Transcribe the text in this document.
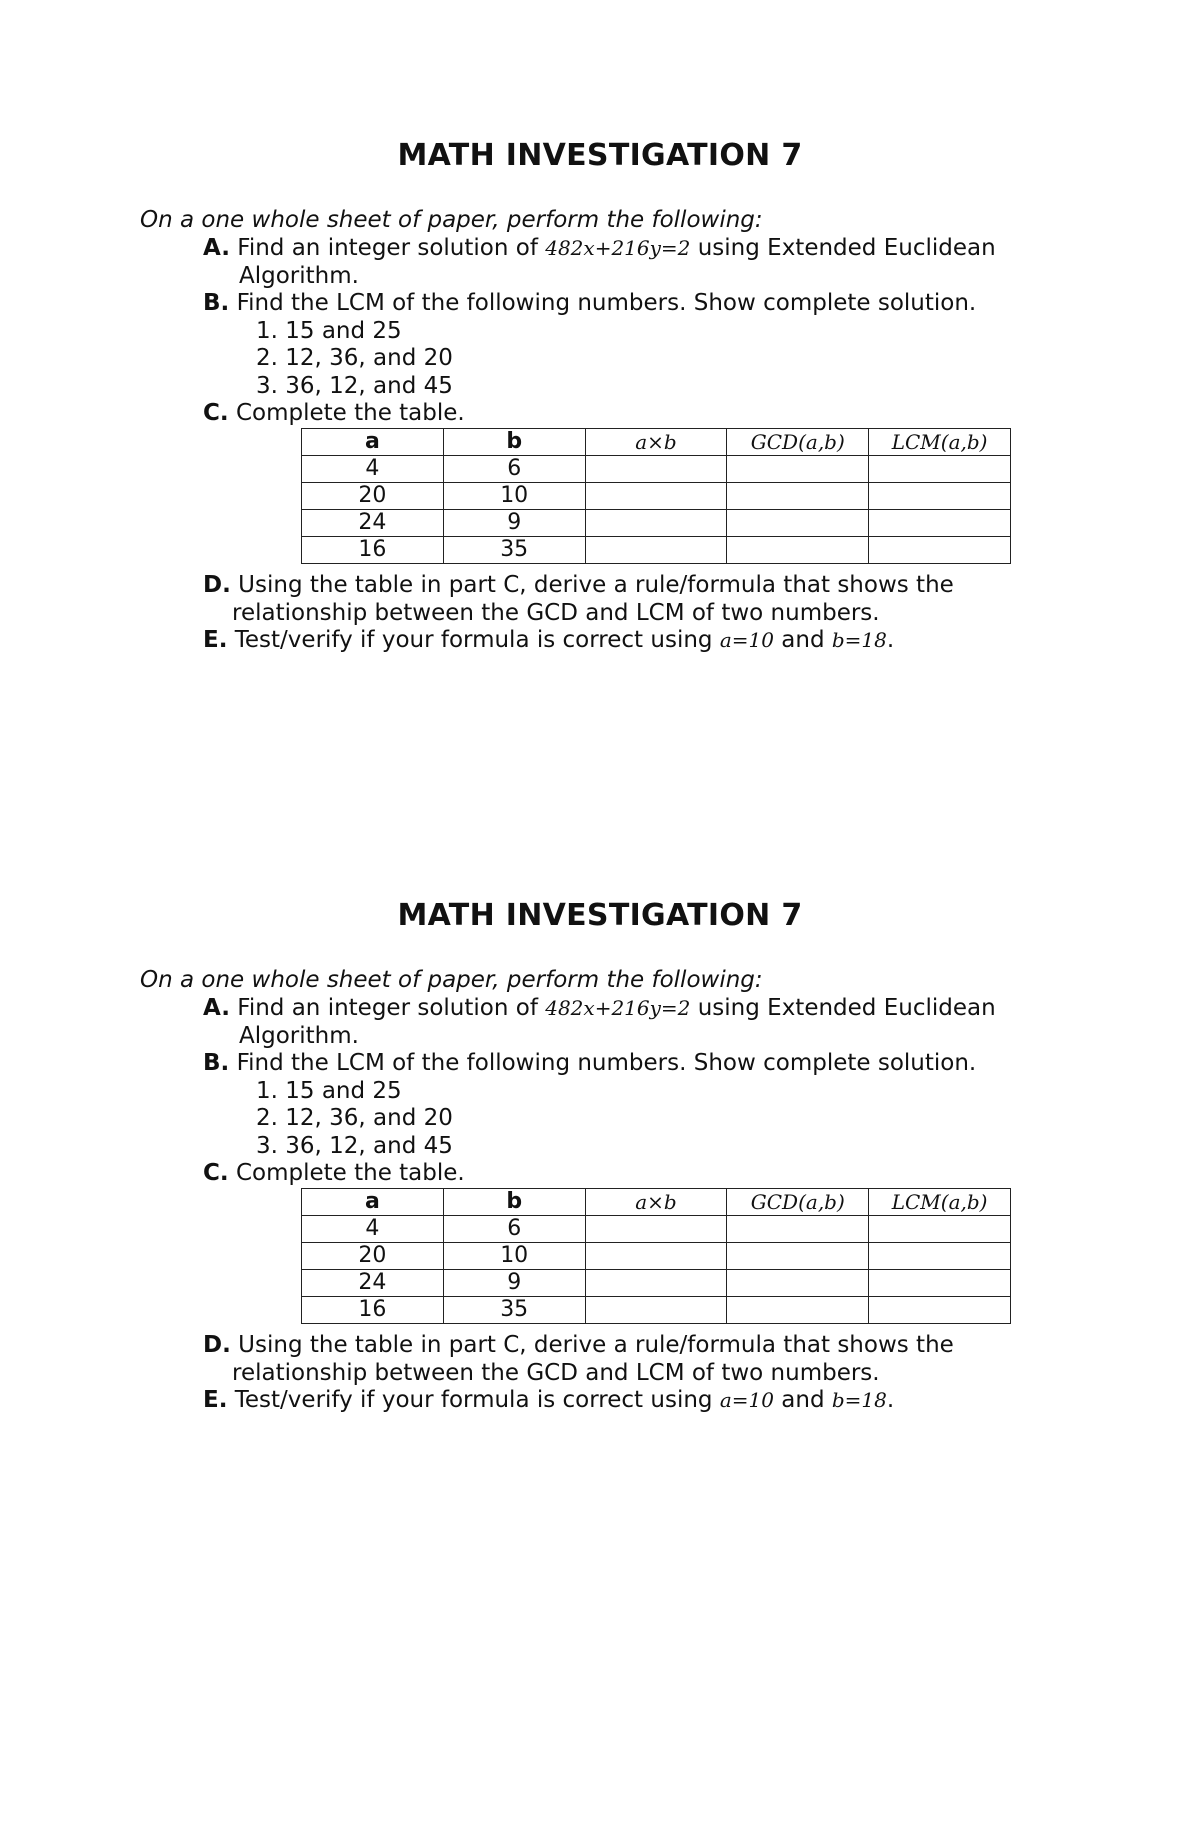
MATH INVESTIGATION 7

On a one whole sheet of paper, perform the following:

A. Find an integer solution of 482x+216y=2 using Extended Euclidean

Algorithm.

B. Find the LCM of the following numbers. Show complete solution.

1. 15 and 25

2. 12, 36, and 20

3. 36, 12, and 45

C. Complete the table.

a	b	a×b	GCD(a,b)	LCM(a,b)
4	6			
20	10			
24	9			
16	35			

D. Using the table in part C, derive a rule/formula that shows the

relationship between the GCD and LCM of two numbers.

E. Test/verify if your formula is correct using a=10 and b=18.

MATH INVESTIGATION 7

On a one whole sheet of paper, perform the following:

A. Find an integer solution of 482x+216y=2 using Extended Euclidean

Algorithm.

B. Find the LCM of the following numbers. Show complete solution.

1. 15 and 25

2. 12, 36, and 20

3. 36, 12, and 45

C. Complete the table.

a	b	a×b	GCD(a,b)	LCM(a,b)
4	6			
20	10			
24	9			
16	35			

D. Using the table in part C, derive a rule/formula that shows the

relationship between the GCD and LCM of two numbers.

E. Test/verify if your formula is correct using a=10 and b=18.
